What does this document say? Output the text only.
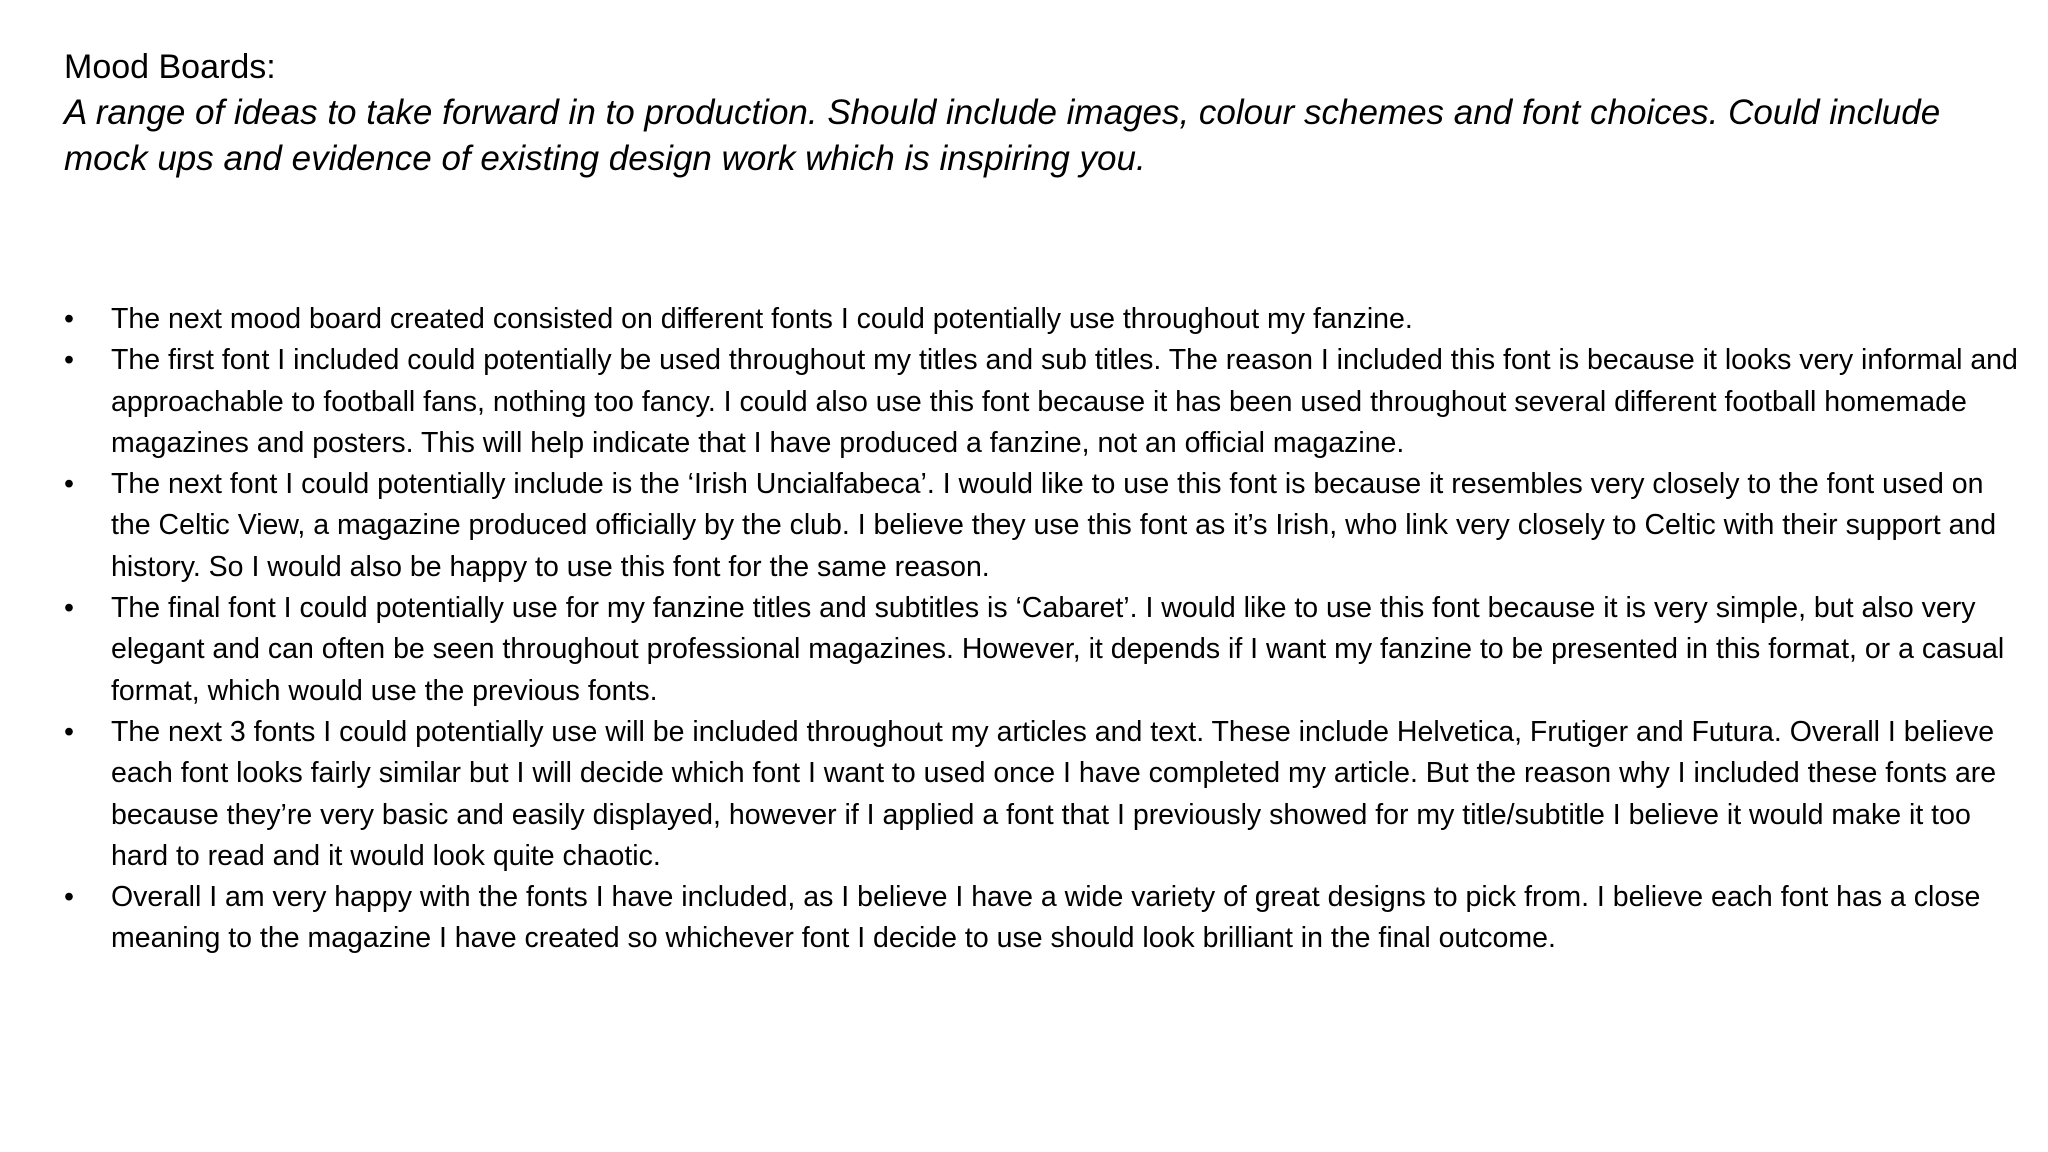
Mood Boards:
A range of ideas to take forward in to production. Should include images, colour schemes and font choices. Could include mock ups and evidence of existing design work which is inspiring you.
•	The next mood board created consisted on different fonts I could potentially use throughout my fanzine.
•	The first font I included could potentially be used throughout my titles and sub titles. The reason I included this font is because it looks very informal and approachable to football fans, nothing too fancy. I could also use this font because it has been used throughout several different football homemade magazines and posters. This will help indicate that I have produced a fanzine, not an official magazine.
•	The next font I could potentially include is the ‘Irish Uncialfabeca’. I would like to use this font is because it resembles very closely to the font used on the Celtic View, a magazine produced officially by the club. I believe they use this font as it’s Irish, who link very closely to Celtic with their support and history. So I would also be happy to use this font for the same reason.
•	The final font I could potentially use for my fanzine titles and subtitles is ‘Cabaret’. I would like to use this font because it is very simple, but also very elegant and can often be seen throughout professional magazines. However, it depends if I want my fanzine to be presented in this format, or a casual format, which would use the previous fonts.
•	The next 3 fonts I could potentially use will be included throughout my articles and text. These include Helvetica, Frutiger and Futura. Overall I believe each font looks fairly similar but I will decide which font I want to used once I have completed my article. But the reason why I included these fonts are because they’re very basic and easily displayed, however if I applied a font that I previously showed for my title/subtitle I believe it would make it too hard to read and it would look quite chaotic.
•	Overall I am very happy with the fonts I have included, as I believe I have a wide variety of great designs to pick from. I believe each font has a close meaning to the magazine I have created so whichever font I decide to use should look brilliant in the final outcome.
